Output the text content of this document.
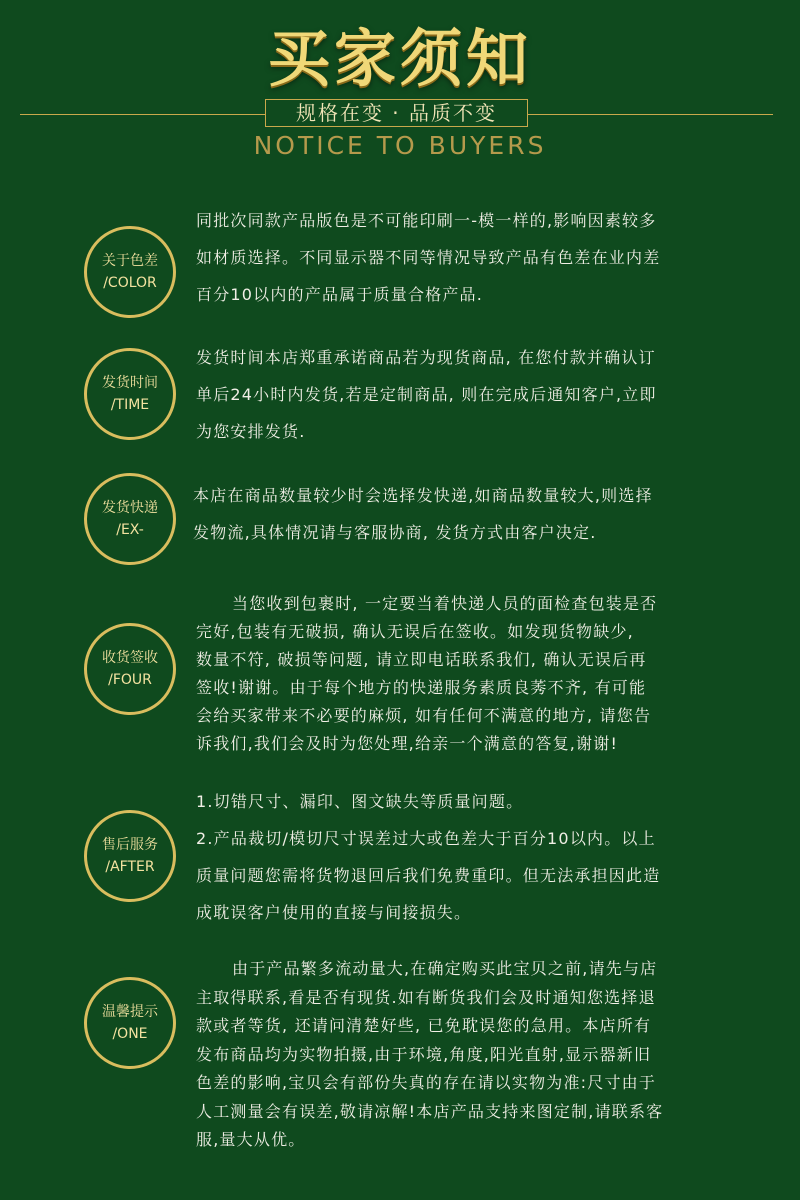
买家须知
规格在变 · 品质不变
NOTICE TO BUYERS
关于色差
/COLOR

同批次同款产品版色是不可能印刷一-模一样的,影响因素较多

如材质选择。不同显示器不同等情况导致产品有色差在业内差

百分10以内的产品属于质量合格产品.

发货时间
/TIME

发货时间本店郑重承诺商品若为现货商品, 在您付款并确认订

单后24小时内发货,若是定制商品, 则在完成后通知客户,立即

为您安排发货.

发货快递
/EX-

本店在商品数量较少时会选择发快递,如商品数量较大,则选择

发物流,具体情况请与客服协商, 发货方式由客户决定.

收货签收
/FOUR

当您收到包裹时, 一定要当着快递人员的面检查包装是否

完好,包装有无破损, 确认无误后在签收。如发现货物缺少,

数量不符, 破损等问题, 请立即电话联系我们, 确认无误后再

签收!谢谢。由于每个地方的快递服务素质良莠不齐, 有可能

会给买家带来不必要的麻烦, 如有任何不满意的地方, 请您告

诉我们,我们会及时为您处理,给亲一个满意的答复,谢谢!

售后服务
/AFTER

1.切错尺寸、漏印、图文缺失等质量问题。

2.产品裁切/模切尺寸误差过大或色差大于百分10以内。以上

质量问题您需将货物退回后我们免费重印。但无法承担因此造

成耽误客户使用的直接与间接损失。

温馨提示
/ONE

由于产品繁多流动量大,在确定购买此宝贝之前,请先与店

主取得联系,看是否有现货.如有断货我们会及时通知您选择退

款或者等货, 还请问清楚好些, 已免耽误您的急用。本店所有

发布商品均为实物拍摄,由于环境,角度,阳光直射,显示器新旧

色差的影响,宝贝会有部份失真的存在请以实物为准:尺寸由于

人工测量会有误差,敬请凉解!本店产品支持来图定制,请联系客

服,量大从优。
